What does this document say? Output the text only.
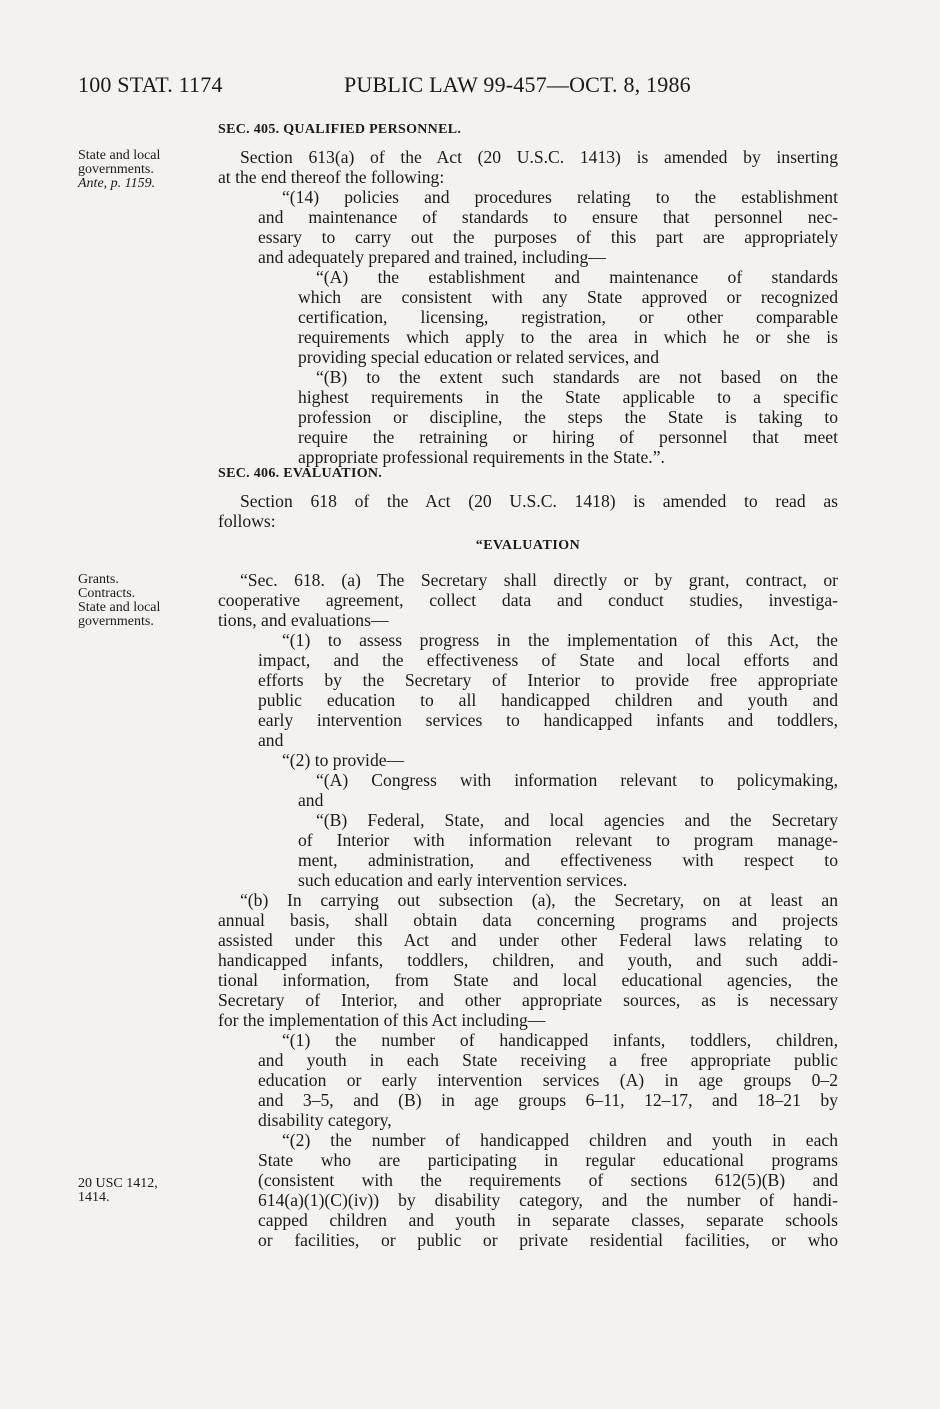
100 STAT. 1174	PUBLIC LAW 99-457—OCT. 8, 1986
SEC. 405. QUALIFIED PERSONNEL.
State and local
governments.
Ante, p. 1159.
Section 613(a) of the Act (20 U.S.C. 1413) is amended by inserting
at the end thereof the following:
“(14) policies and procedures relating to the establishment
and maintenance of standards to ensure that personnel nec-
essary to carry out the purposes of this part are appropriately
and adequately prepared and trained, including—
“(A) the establishment and maintenance of standards
which are consistent with any State approved or recognized
certification, licensing, registration, or other comparable
requirements which apply to the area in which he or she is
providing special education or related services, and
“(B) to the extent such standards are not based on the
highest requirements in the State applicable to a specific
profession or discipline, the steps the State is taking to
require the retraining or hiring of personnel that meet
appropriate professional requirements in the State.”.
SEC. 406. EVALUATION.
Section 618 of the Act (20 U.S.C. 1418) is amended to read as
follows:
“EVALUATION
Grants.
Contracts.
State and local
governments.
“Sec. 618. (a) The Secretary shall directly or by grant, contract, or
cooperative agreement, collect data and conduct studies, investiga-
tions, and evaluations—
“(1) to assess progress in the implementation of this Act, the
impact, and the effectiveness of State and local efforts and
efforts by the Secretary of Interior to provide free appropriate
public education to all handicapped children and youth and
early intervention services to handicapped infants and toddlers,
and
“(2) to provide—
“(A) Congress with information relevant to policymaking,
and
“(B) Federal, State, and local agencies and the Secretary
of Interior with information relevant to program manage-
ment, administration, and effectiveness with respect to
such education and early intervention services.
“(b) In carrying out subsection (a), the Secretary, on at least an
annual basis, shall obtain data concerning programs and projects
assisted under this Act and under other Federal laws relating to
handicapped infants, toddlers, children, and youth, and such addi-
tional information, from State and local educational agencies, the
Secretary of Interior, and other appropriate sources, as is necessary
for the implementation of this Act including—
“(1) the number of handicapped infants, toddlers, children,
and youth in each State receiving a free appropriate public
education or early intervention services (A) in age groups 0–2
and 3–5, and (B) in age groups 6–11, 12–17, and 18–21 by
disability category,
“(2) the number of handicapped children and youth in each
State who are participating in regular educational programs
(consistent with the requirements of sections 612(5)(B) and
20 USC 1412,
1414.	614(a)(1)(C)(iv)) by disability category, and the number of handi-
capped children and youth in separate classes, separate schools
or facilities, or public or private residential facilities, or who
